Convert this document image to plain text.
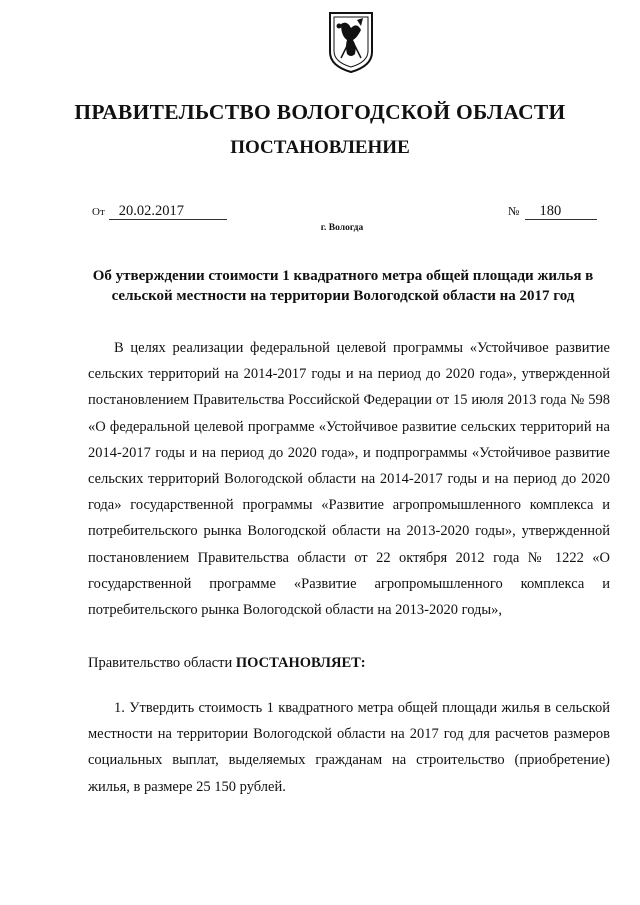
ПРАВИТЕЛЬСТВО ВОЛОГОДСКОЙ ОБЛАСТИ
ПОСТАНОВЛЕНИЕ
От 20.02.2017	№ 180
г. Вологда

Об утверждении стоимости 1 квадратного метра общей площади жилья в сельской местности на территории Вологодской области на 2017 год

В целях реализации федеральной целевой программы «Устойчивое развитие сельских территорий на 2014-2017 годы и на период до 2020 года», утвержденной постановлением Правительства Российской Федерации от 15 июля 2013 года № 598 «О федеральной целевой программе «Устойчивое развитие сельских территорий на 2014-2017 годы и на период до 2020 года», и подпрограммы «Устойчивое развитие сельских территорий Вологодской области на 2014-2017 годы и на период до 2020 года» государственной программы «Развитие агропромышленного комплекса и потребительского рынка Вологодской области на 2013-2020 годы», утвержденной постановлением Правительства области от 22 октября 2012 года № 1222 «О государственной программе «Развитие агропромышленного комплекса и потребительского рынка Вологодской области на 2013-2020 годы»,

Правительство области ПОСТАНОВЛЯЕТ:

1. Утвердить стоимость 1 квадратного метра общей площади жилья в сельской местности на территории Вологодской области на 2017 год для расчетов размеров социальных выплат, выделяемых гражданам на строительство (приобретение) жилья, в размере 25 150 рублей.
